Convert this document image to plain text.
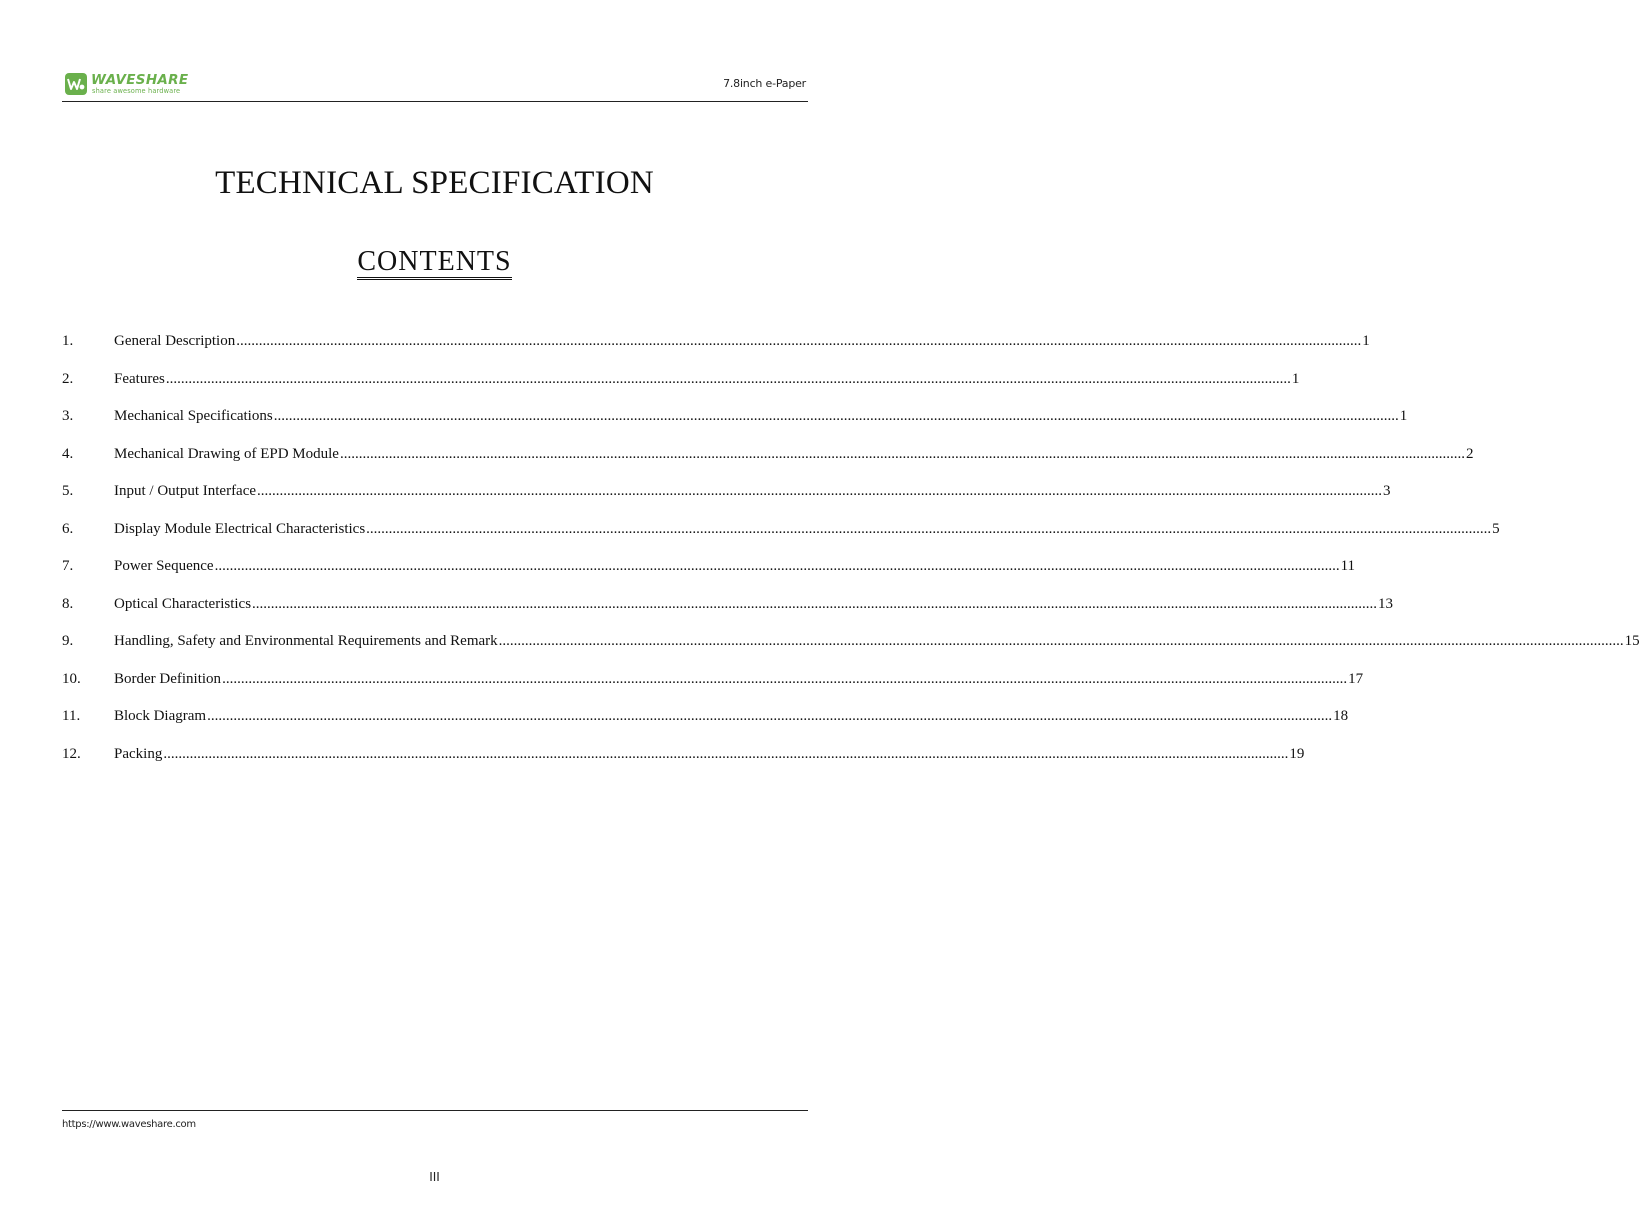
WAVESHARE
share awesome hardware
7.8inch e-Paper
TECHNICAL SPECIFICATION
CONTENTS
1.	General Description ............................................................................................................................................................................................................................................................................................................ 1
2.	Features ............................................................................................................................................................................................................................................................................................................ 1
3.	Mechanical Specifications ............................................................................................................................................................................................................................................................................................................ 1
4.	Mechanical Drawing of EPD Module ............................................................................................................................................................................................................................................................................................................ 2
5.	Input / Output Interface ............................................................................................................................................................................................................................................................................................................ 3
6.	Display Module Electrical Characteristics ............................................................................................................................................................................................................................................................................................................ 5
7.	Power Sequence ............................................................................................................................................................................................................................................................................................................ 11
8.	Optical Characteristics ............................................................................................................................................................................................................................................................................................................ 13
9.	Handling, Safety and Environmental Requirements and Remark ............................................................................................................................................................................................................................................................................................................ 15
10.	Border Definition ............................................................................................................................................................................................................................................................................................................ 17
11.	Block Diagram ............................................................................................................................................................................................................................................................................................................ 18
12.	Packing ............................................................................................................................................................................................................................................................................................................ 19
https://www.waveshare.com
III
